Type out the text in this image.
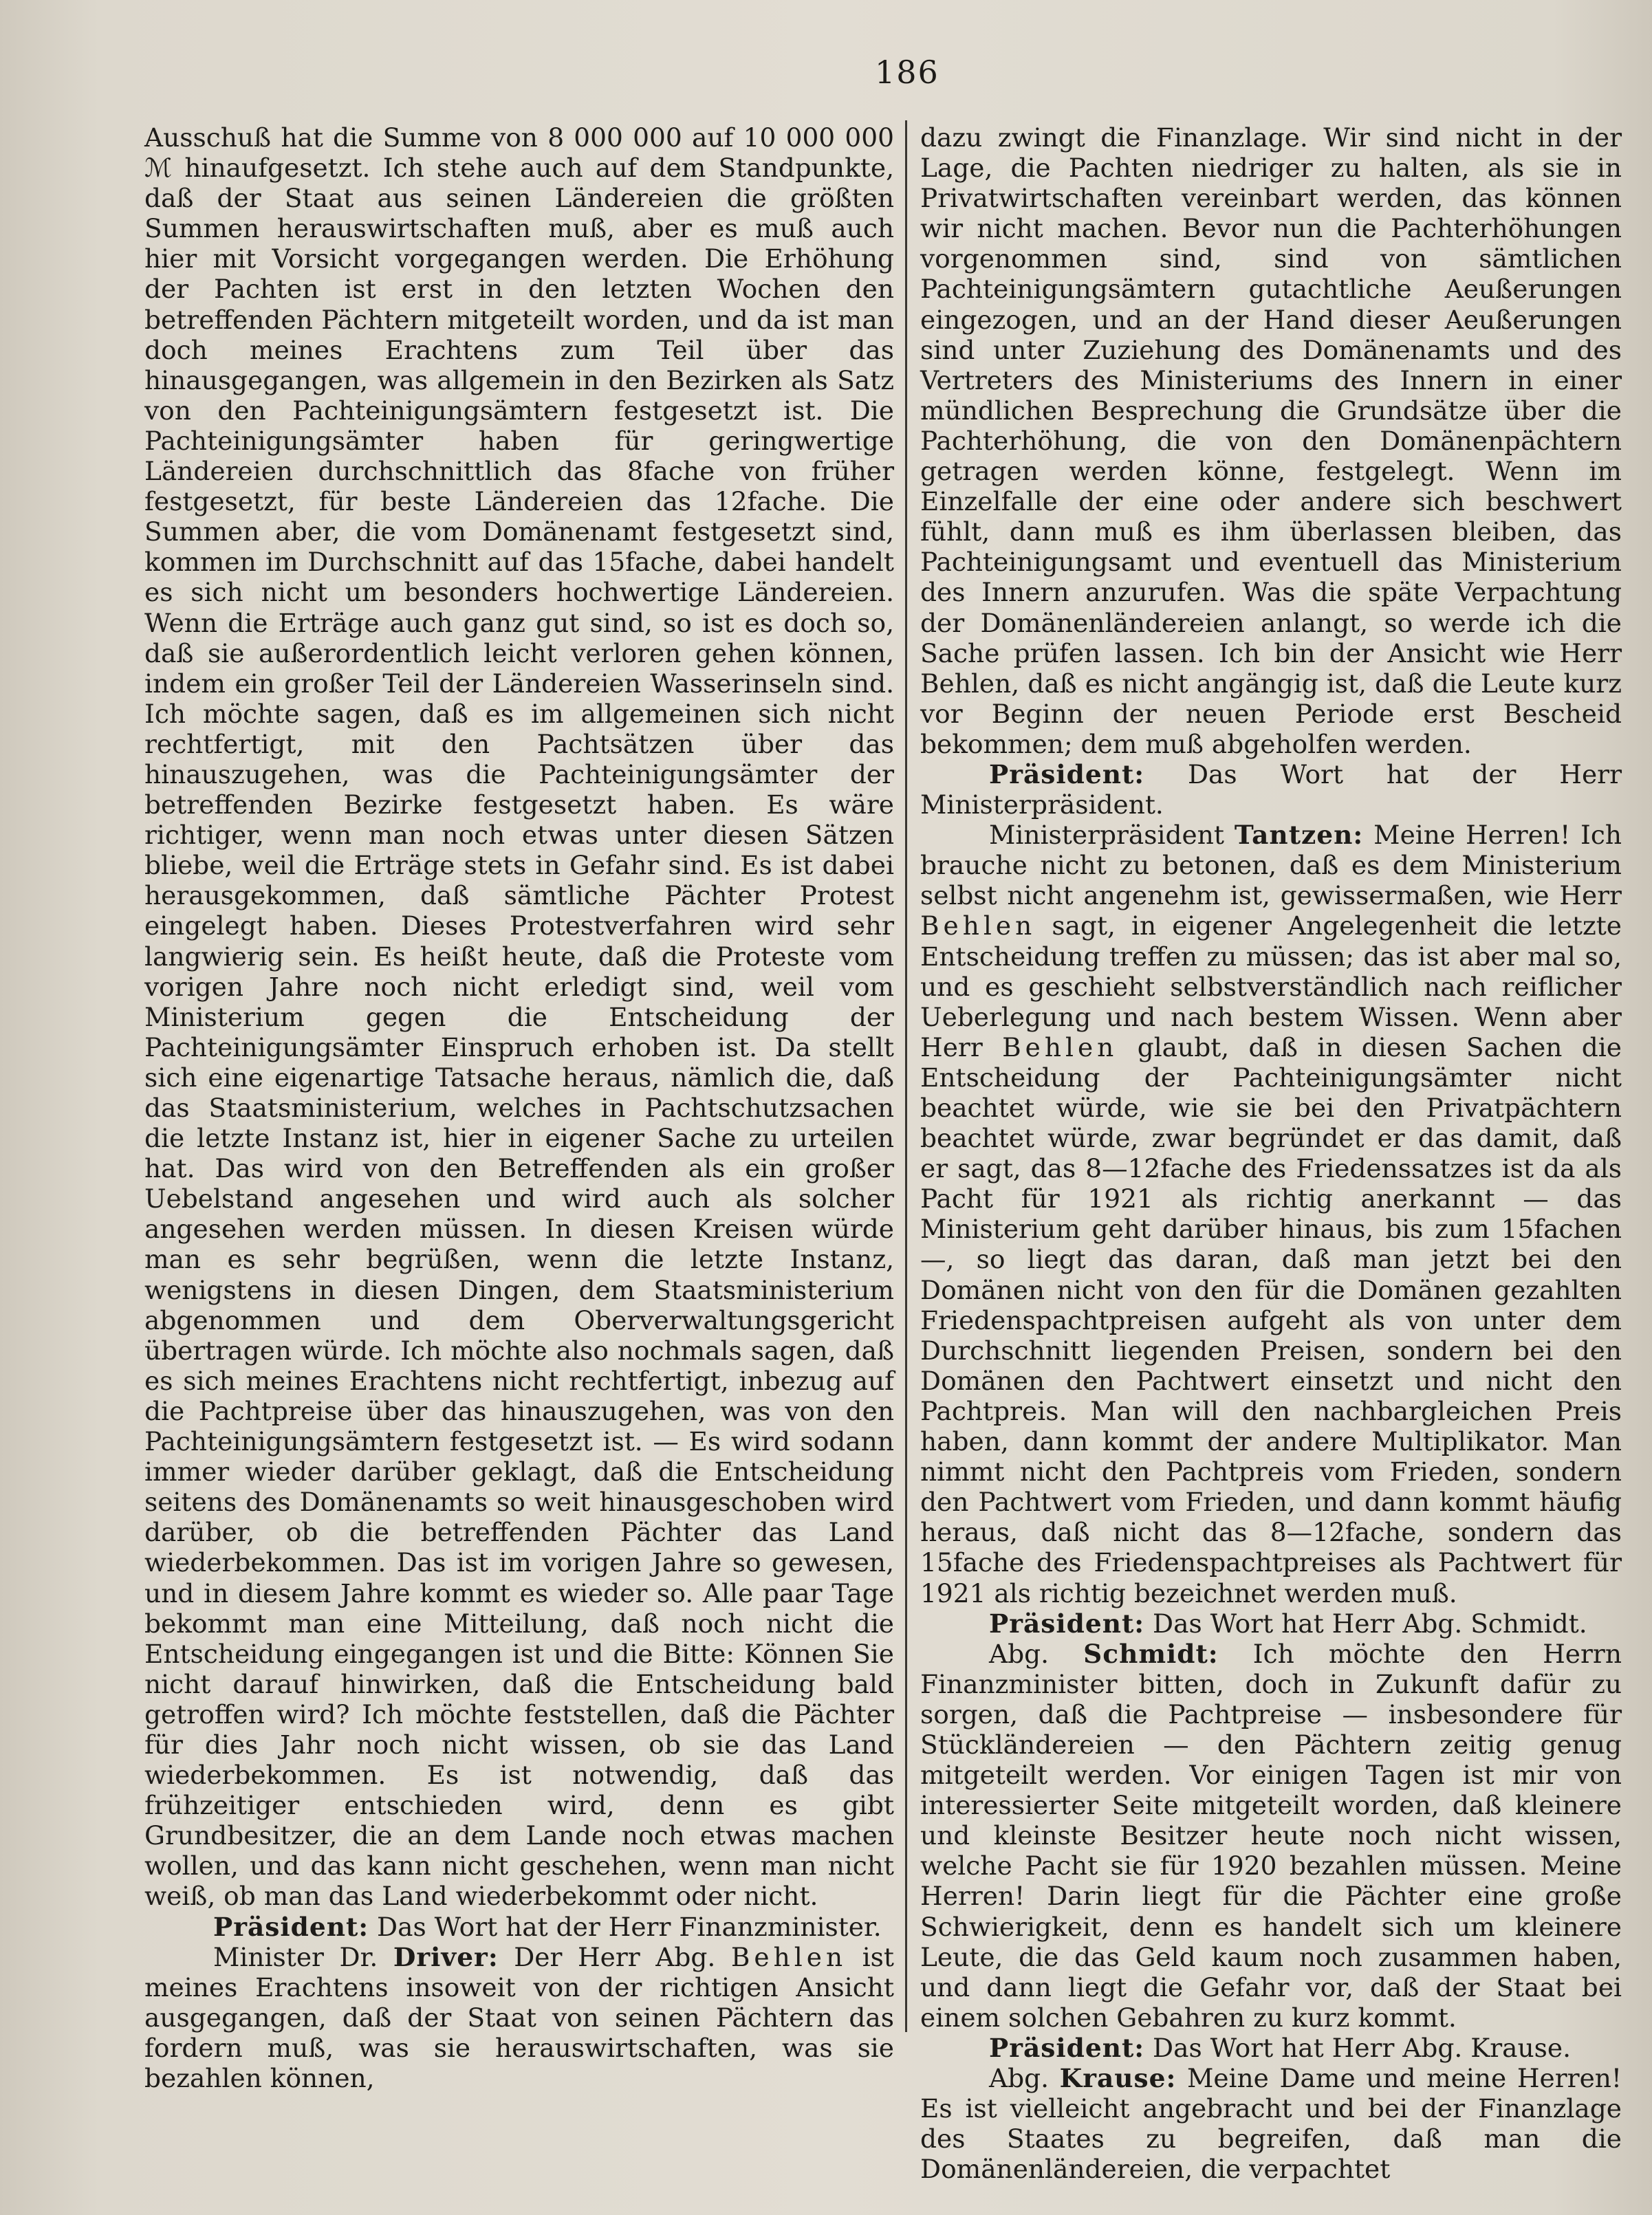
186

Ausschuß hat die Summe von 8 000 000 auf 10 000 000 ℳ hinaufgesetzt. Ich stehe auch auf dem Standpunkte, daß der Staat aus seinen Ländereien die größten Summen herauswirtschaften muß, aber es muß auch hier mit Vorsicht vorgegangen werden. Die Erhöhung der Pachten ist erst in den letzten Wochen den betreffenden Pächtern mitgeteilt worden, und da ist man doch meines Erachtens zum Teil über das hinausgegangen, was allgemein in den Bezirken als Satz von den Pachteinigungsämtern festgesetzt ist. Die Pachteinigungsämter haben für geringwertige Ländereien durchschnittlich das 8fache von früher festgesetzt, für beste Ländereien das 12fache. Die Summen aber, die vom Domänenamt festgesetzt sind, kommen im Durchschnitt auf das 15fache, dabei handelt es sich nicht um besonders hochwertige Ländereien. Wenn die Erträge auch ganz gut sind, so ist es doch so, daß sie außerordentlich leicht verloren gehen können, indem ein großer Teil der Ländereien Wasserinseln sind. Ich möchte sagen, daß es im allgemeinen sich nicht rechtfertigt, mit den Pachtsätzen über das hinauszugehen, was die Pachteinigungsämter der betreffenden Bezirke festgesetzt haben. Es wäre richtiger, wenn man noch etwas unter diesen Sätzen bliebe, weil die Erträge stets in Gefahr sind. Es ist dabei herausgekommen, daß sämtliche Pächter Protest eingelegt haben. Dieses Protestverfahren wird sehr langwierig sein. Es heißt heute, daß die Proteste vom vorigen Jahre noch nicht erledigt sind, weil vom Ministerium gegen die Entscheidung der Pachteinigungsämter Einspruch erhoben ist. Da stellt sich eine eigenartige Tatsache heraus, nämlich die, daß das Staatsministerium, welches in Pachtschutzsachen die letzte Instanz ist, hier in eigener Sache zu urteilen hat. Das wird von den Betreffenden als ein großer Uebelstand angesehen und wird auch als solcher angesehen werden müssen. In diesen Kreisen würde man es sehr begrüßen, wenn die letzte Instanz, wenigstens in diesen Dingen, dem Staatsministerium abgenommen und dem Oberverwaltungsgericht übertragen würde. Ich möchte also nochmals sagen, daß es sich meines Erachtens nicht rechtfertigt, inbezug auf die Pachtpreise über das hinauszugehen, was von den Pachteinigungsämtern festgesetzt ist. — Es wird sodann immer wieder darüber geklagt, daß die Entscheidung seitens des Domänenamts so weit hinausgeschoben wird darüber, ob die betreffenden Pächter das Land wiederbekommen. Das ist im vorigen Jahre so gewesen, und in diesem Jahre kommt es wieder so. Alle paar Tage bekommt man eine Mitteilung, daß noch nicht die Entscheidung eingegangen ist und die Bitte: Können Sie nicht darauf hinwirken, daß die Entscheidung bald getroffen wird? Ich möchte feststellen, daß die Pächter für dies Jahr noch nicht wissen, ob sie das Land wiederbekommen. Es ist notwendig, daß das frühzeitiger entschieden wird, denn es gibt Grundbesitzer, die an dem Lande noch etwas machen wollen, und das kann nicht geschehen, wenn man nicht weiß, ob man das Land wiederbekommt oder nicht.

Präsident: Das Wort hat der Herr Finanzminister.

Minister Dr. Driver: Der Herr Abg. Behlen ist meines Erachtens insoweit von der richtigen Ansicht ausgegangen, daß der Staat von seinen Pächtern das fordern muß, was sie herauswirtschaften, was sie bezahlen können,

dazu zwingt die Finanzlage. Wir sind nicht in der Lage, die Pachten niedriger zu halten, als sie in Privatwirtschaften vereinbart werden, das können wir nicht machen. Bevor nun die Pachterhöhungen vorgenommen sind, sind von sämtlichen Pachteinigungsämtern gutachtliche Aeußerungen eingezogen, und an der Hand dieser Aeußerungen sind unter Zuziehung des Domänenamts und des Vertreters des Ministeriums des Innern in einer mündlichen Besprechung die Grundsätze über die Pachterhöhung, die von den Domänenpächtern getragen werden könne, festgelegt. Wenn im Einzelfalle der eine oder andere sich beschwert fühlt, dann muß es ihm überlassen bleiben, das Pachteinigungsamt und eventuell das Ministerium des Innern anzurufen. Was die späte Verpachtung der Domänenländereien anlangt, so werde ich die Sache prüfen lassen. Ich bin der Ansicht wie Herr Behlen, daß es nicht angängig ist, daß die Leute kurz vor Beginn der neuen Periode erst Bescheid bekommen; dem muß abgeholfen werden.

Präsident: Das Wort hat der Herr Ministerpräsident.

Ministerpräsident Tantzen: Meine Herren! Ich brauche nicht zu betonen, daß es dem Ministerium selbst nicht angenehm ist, gewissermaßen, wie Herr Behlen sagt, in eigener Angelegenheit die letzte Entscheidung treffen zu müssen; das ist aber mal so, und es geschieht selbstverständlich nach reiflicher Ueberlegung und nach bestem Wissen. Wenn aber Herr Behlen glaubt, daß in diesen Sachen die Entscheidung der Pachteinigungsämter nicht beachtet würde, wie sie bei den Privatpächtern beachtet würde, zwar begründet er das damit, daß er sagt, das 8—12fache des Friedenssatzes ist da als Pacht für 1921 als richtig anerkannt — das Ministerium geht darüber hinaus, bis zum 15fachen —, so liegt das daran, daß man jetzt bei den Domänen nicht von den für die Domänen gezahlten Friedenspachtpreisen aufgeht als von unter dem Durchschnitt liegenden Preisen, sondern bei den Domänen den Pachtwert einsetzt und nicht den Pachtpreis. Man will den nachbargleichen Preis haben, dann kommt der andere Multiplikator. Man nimmt nicht den Pachtpreis vom Frieden, sondern den Pachtwert vom Frieden, und dann kommt häufig heraus, daß nicht das 8—12fache, sondern das 15fache des Friedenspachtpreises als Pachtwert für 1921 als richtig bezeichnet werden muß.

Präsident: Das Wort hat Herr Abg. Schmidt.

Abg. Schmidt: Ich möchte den Herrn Finanzminister bitten, doch in Zukunft dafür zu sorgen, daß die Pachtpreise — insbesondere für Stückländereien — den Pächtern zeitig genug mitgeteilt werden. Vor einigen Tagen ist mir von interessierter Seite mitgeteilt worden, daß kleinere und kleinste Besitzer heute noch nicht wissen, welche Pacht sie für 1920 bezahlen müssen. Meine Herren! Darin liegt für die Pächter eine große Schwierigkeit, denn es handelt sich um kleinere Leute, die das Geld kaum noch zusammen haben, und dann liegt die Gefahr vor, daß der Staat bei einem solchen Gebahren zu kurz kommt.

Präsident: Das Wort hat Herr Abg. Krause.

Abg. Krause: Meine Dame und meine Herren! Es ist vielleicht angebracht und bei der Finanzlage des Staates zu begreifen, daß man die Domänenländereien, die verpachtet
